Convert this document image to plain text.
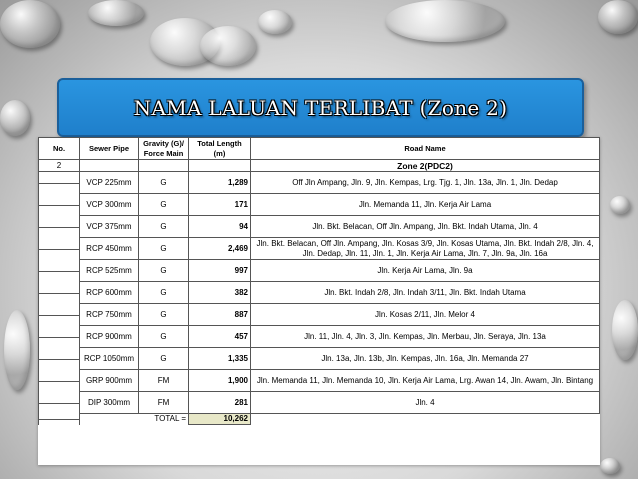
NAMA LALUAN TERLIBAT (Zone 2)
No.	Sewer Pipe	Gravity (G)/ Force Main	Total Length (m)	Road Name
2				Zone 2(PDC2)

	VCP 225mm	G	1,289	Off Jln Ampang, Jln. 9, Jln. Kempas, Lrg. Tjg. 1, Jln. 13a, Jln. 1, Jln. Dedap

	VCP 300mm	G	171	Jln. Memanda 11, Jln. Kerja Air Lama

	VCP 375mm	G	94	Jln. Bkt. Belacan, Off Jln. Ampang, Jln. Bkt. Indah Utama, Jln. 4

	RCP 450mm	G	2,469	Jln. Bkt. Belacan, Off Jln. Ampang, Jln. Kosas 3/9, Jln. Kosas Utama, Jln. Bkt. Indah 2/8, Jln. 4, Jln. Dedap, Jln. 11, Jln. 1, Jln. Kerja Air Lama, Jln. 7, Jln. 9a, Jln. 16a

	RCP 525mm	G	997	Jln. Kerja Air Lama, Jln. 9a

	RCP 600mm	G	382	Jln. Bkt. Indah 2/8, Jln. Indah 3/11, Jln. Bkt. Indah Utama

	RCP 750mm	G	887	Jln. Kosas 2/11, Jln. Melor 4

	RCP 900mm	G	457	Jln. 11, Jln. 4, Jln. 3, Jln. Kempas, Jln. Merbau, Jln. Seraya, Jln. 13a

	RCP 1050mm	G	1,335	Jln. 13a, Jln. 13b, Jln. Kempas, Jln. 16a, Jln. Memanda 27

	GRP 900mm	FM	1,900	Jln. Memanda 11, Jln. Memanda 10, Jln. Kerja Air Lama, Lrg. Awan 14, Jln. Awam, Jln. Bintang

	DIP 300mm	FM	281	Jln. 4

		TOTAL =	10,262	
